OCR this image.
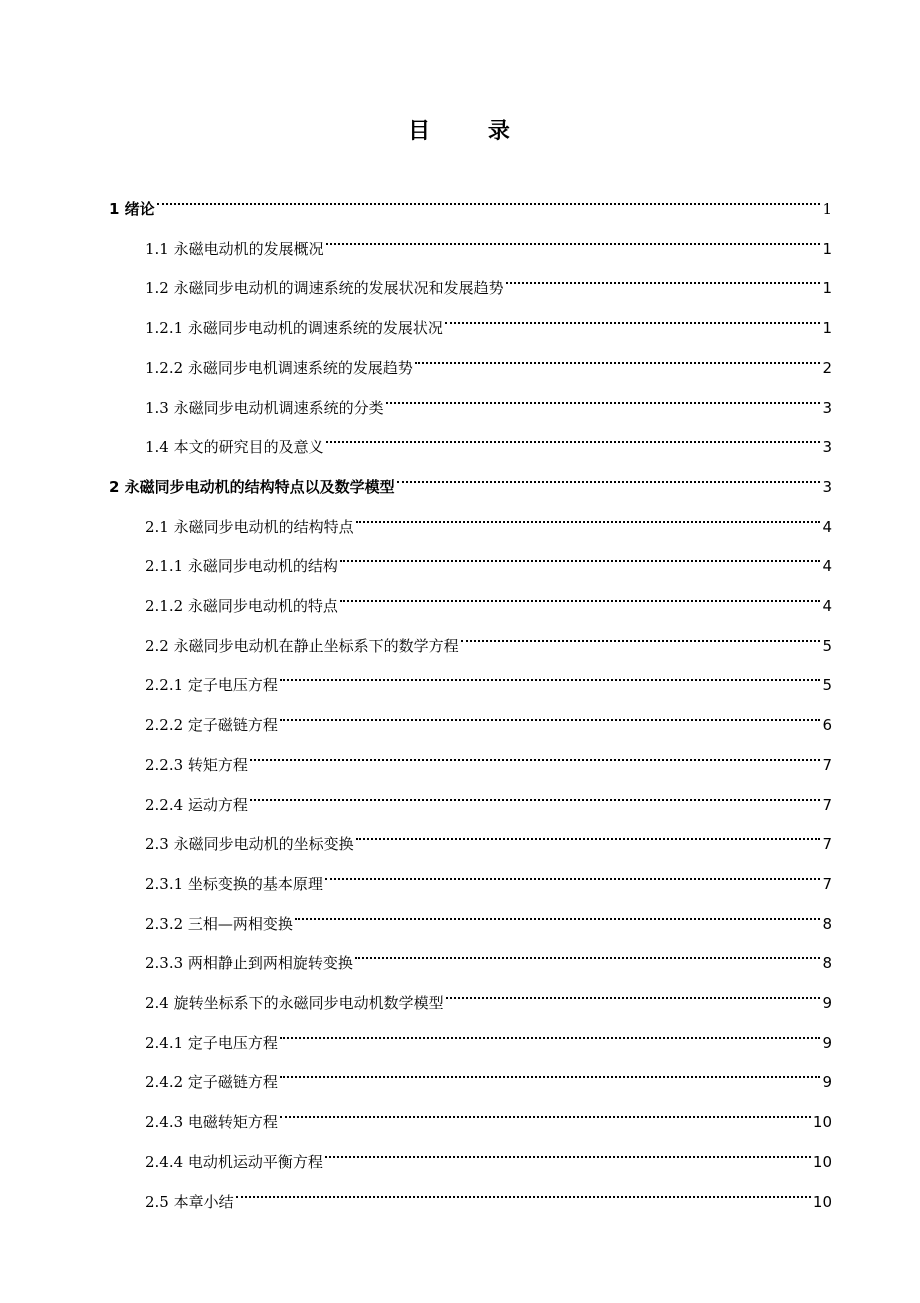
目 录
1 绪论	1
1.1 永磁电动机的发展概况	1
1.2 永磁同步电动机的调速系统的发展状况和发展趋势	1
1.2.1 永磁同步电动机的调速系统的发展状况	1
1.2.2 永磁同步电机调速系统的发展趋势	2
1.3 永磁同步电动机调速系统的分类	3
1.4 本文的研究目的及意义	3
2 永磁同步电动机的结构特点以及数学模型	3
2.1 永磁同步电动机的结构特点	4
2.1.1 永磁同步电动机的结构	4
2.1.2 永磁同步电动机的特点	4
2.2 永磁同步电动机在静止坐标系下的数学方程	5
2.2.1 定子电压方程	5
2.2.2 定子磁链方程	6
2.2.3 转矩方程	7
2.2.4 运动方程	7
2.3 永磁同步电动机的坐标变换	7
2.3.1 坐标变换的基本原理	7
2.3.2 三相—两相变换	8
2.3.3 两相静止到两相旋转变换	8
2.4 旋转坐标系下的永磁同步电动机数学模型	9
2.4.1 定子电压方程	9
2.4.2 定子磁链方程	9
2.4.3 电磁转矩方程	10
2.4.4 电动机运动平衡方程	10
2.5 本章小结	10
